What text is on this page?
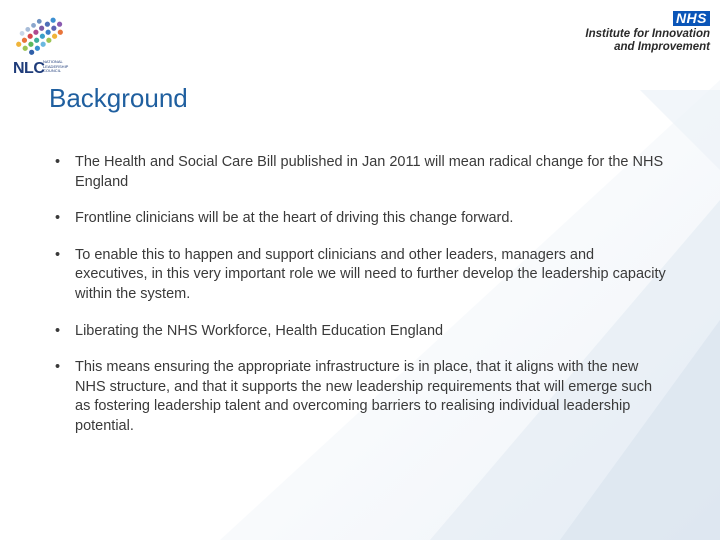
NLC
NATIONAL LEADERSHIP COUNCIL
NHS
Institute for Innovation
and Improvement
Background
• The Health and Social Care Bill published in Jan 2011 will mean radical change for the NHS England
• Frontline clinicians will be at the heart of driving this change forward.
• To enable this to happen and support clinicians and other leaders, managers and executives, in this very important role we will need to further develop the leadership capacity within the system.
• Liberating the NHS Workforce, Health Education England
• This means ensuring the appropriate infrastructure is in place, that it aligns with the new NHS structure, and that it supports the new leadership requirements that will emerge such as fostering leadership talent and overcoming barriers to realising individual leadership potential.
